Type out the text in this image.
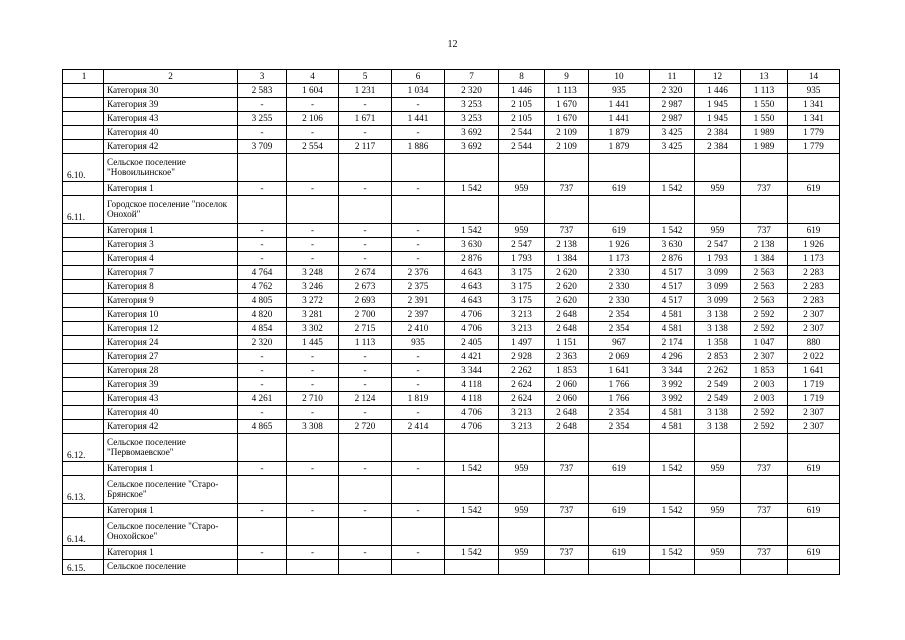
12
1	2	3	4	5	6	7	8	9	10	11	12	13	14
	Категория 30	2 583	1 604	1 231	1 034	2 320	1 446	1 113	935	2 320	1 446	1 113	935
	Категория 39	-	-	-	-	3 253	2 105	1 670	1 441	2 987	1 945	1 550	1 341
	Категория 43	3 255	2 106	1 671	1 441	3 253	2 105	1 670	1 441	2 987	1 945	1 550	1 341
	Категория 40	-	-	-	-	3 692	2 544	2 109	1 879	3 425	2 384	1 989	1 779
	Категория 42	3 709	2 554	2 117	1 886	3 692	2 544	2 109	1 879	3 425	2 384	1 989	1 779
6.10.	Сельское поселение "Новоильинское"												
	Категория 1	-	-	-	-	1 542	959	737	619	1 542	959	737	619
6.11.	Городское поселение "поселок Онохой"												
	Категория 1	-	-	-	-	1 542	959	737	619	1 542	959	737	619
	Категория 3	-	-	-	-	3 630	2 547	2 138	1 926	3 630	2 547	2 138	1 926
	Категория 4	-	-	-	-	2 876	1 793	1 384	1 173	2 876	1 793	1 384	1 173
	Категория 7	4 764	3 248	2 674	2 376	4 643	3 175	2 620	2 330	4 517	3 099	2 563	2 283
	Категория 8	4 762	3 246	2 673	2 375	4 643	3 175	2 620	2 330	4 517	3 099	2 563	2 283
	Категория 9	4 805	3 272	2 693	2 391	4 643	3 175	2 620	2 330	4 517	3 099	2 563	2 283
	Категория 10	4 820	3 281	2 700	2 397	4 706	3 213	2 648	2 354	4 581	3 138	2 592	2 307
	Категория 12	4 854	3 302	2 715	2 410	4 706	3 213	2 648	2 354	4 581	3 138	2 592	2 307
	Категория 24	2 320	1 445	1 113	935	2 405	1 497	1 151	967	2 174	1 358	1 047	880
	Категория 27	-	-	-	-	4 421	2 928	2 363	2 069	4 296	2 853	2 307	2 022
	Категория 28	-	-	-	-	3 344	2 262	1 853	1 641	3 344	2 262	1 853	1 641
	Категория 39	-	-	-	-	4 118	2 624	2 060	1 766	3 992	2 549	2 003	1 719
	Категория 43	4 261	2 710	2 124	1 819	4 118	2 624	2 060	1 766	3 992	2 549	2 003	1 719
	Категория 40	-	-	-	-	4 706	3 213	2 648	2 354	4 581	3 138	2 592	2 307
	Категория 42	4 865	3 308	2 720	2 414	4 706	3 213	2 648	2 354	4 581	3 138	2 592	2 307
6.12.	Сельское поселение "Первомаевское"												
	Категория 1	-	-	-	-	1 542	959	737	619	1 542	959	737	619
6.13.	Сельское поселение "Старо-Брянское"												
	Категория 1	-	-	-	-	1 542	959	737	619	1 542	959	737	619
6.14.	Сельское поселение "Старо-Онохойское"												
	Категория 1	-	-	-	-	1 542	959	737	619	1 542	959	737	619
6.15.	Сельское поселение												
